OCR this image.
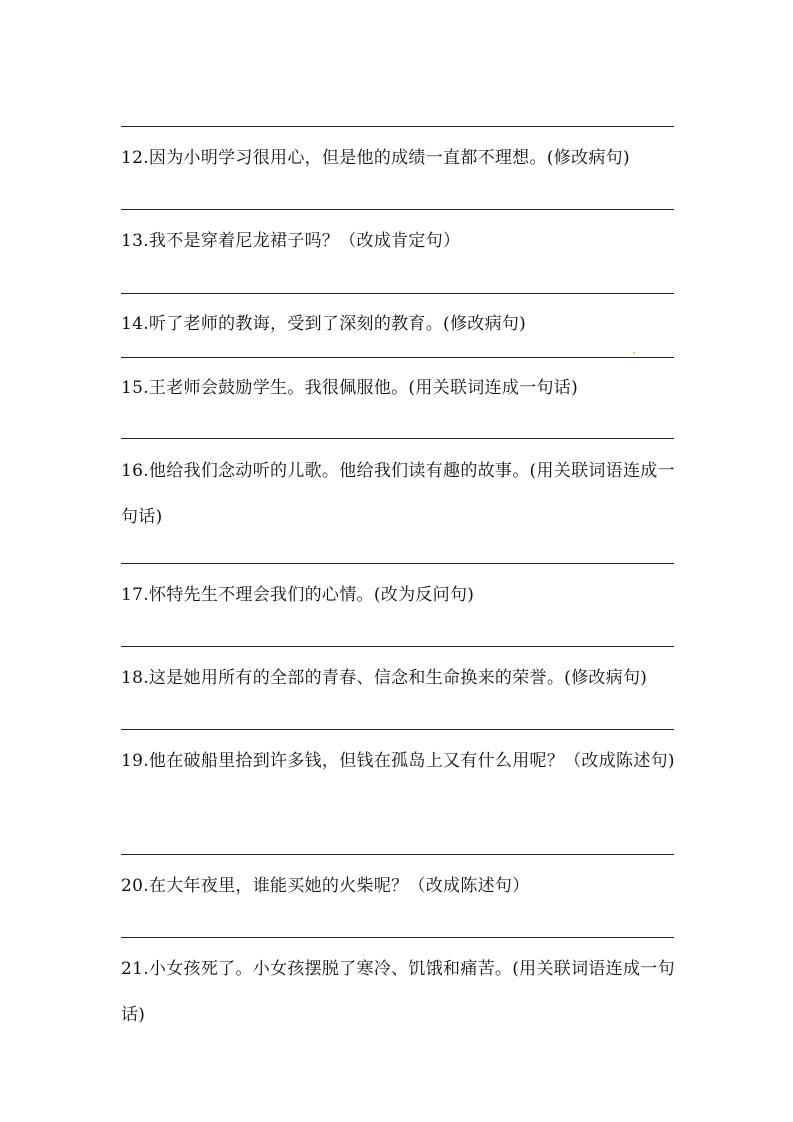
12.因为小明学习很用心，但是他的成绩一直都不理想。(修改病句)
13.我不是穿着尼龙裙子吗？（改成肯定句）
14.听了老师的教诲，受到了深刻的教育。(修改病句)
15.王老师会鼓励学生。我很佩服他。(用关联词连成一句话)
16.他给我们念动听的儿歌。他给我们读有趣的故事。(用关联词语连成一句话)
17.怀特先生不理会我们的心情。(改为反问句)
18.这是她用所有的全部的青春、信念和生命换来的荣誉。(修改病句)
19.他在破船里拾到许多钱，但钱在孤岛上又有什么用呢？（改成陈述句)
20.在大年夜里，谁能买她的火柴呢？（改成陈述句）
21.小女孩死了。小女孩摆脱了寒冷、饥饿和痛苦。(用关联词语连成一句话)
